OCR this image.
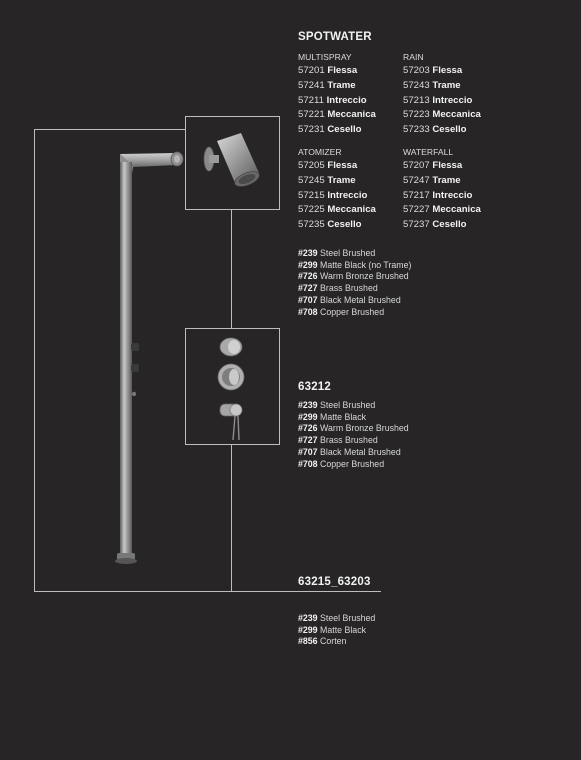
SPOTWATER
MULTISPRAY
57201 Flessa
57241 Trame
57211 Intreccio
57221 Meccanica
57231 Cesello
RAIN
57203 Flessa
57243 Trame
57213 Intreccio
57223 Meccanica
57233 Cesello
ATOMIZER
57205 Flessa
57245 Trame
57215 Intreccio
57225 Meccanica
57235 Cesello
WATERFALL
57207 Flessa
57247 Trame
57217 Intreccio
57227 Meccanica
57237 Cesello
#239 Steel Brushed
#299 Matte Black (no Trame)
#726 Warm Bronze Brushed
#727 Brass Brushed
#707 Black Metal Brushed
#708 Copper Brushed
63212
#239 Steel Brushed
#299 Matte Black
#726 Warm Bronze Brushed
#727 Brass Brushed
#707 Black Metal Brushed
#708 Copper Brushed
63215_63203
#239 Steel Brushed
#299 Matte Black
#856 Corten
